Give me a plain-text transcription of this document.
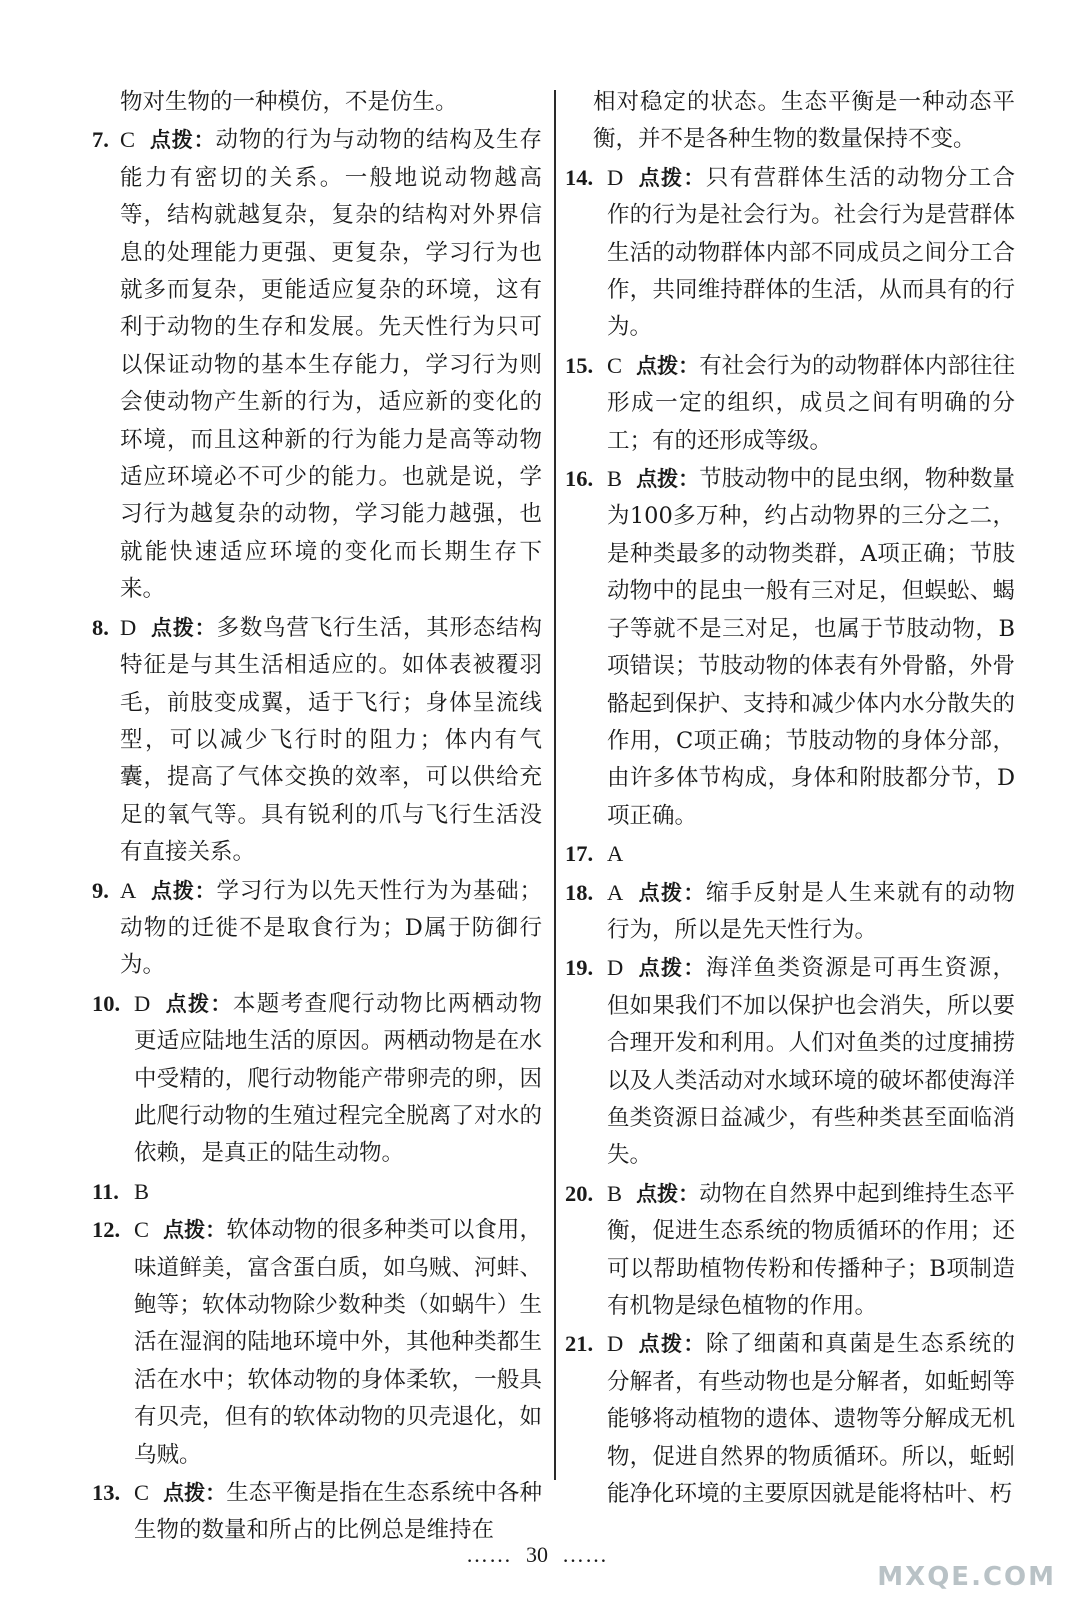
物对生物的一种模仿，不是仿生。

7. C 点拨：动物的行为与动物的结构及生存能力有密切的关系。一般地说动物越高等，结构就越复杂，复杂的结构对外界信息的处理能力更强、更复杂，学习行为也就多而复杂，更能适应复杂的环境，这有利于动物的生存和发展。先天性行为只可以保证动物的基本生存能力，学习行为则会使动物产生新的行为，适应新的变化的环境，而且这种新的行为能力是高等动物适应环境必不可少的能力。也就是说，学习行为越复杂的动物，学习能力越强，也就能快速适应环境的变化而长期生存下来。
8. D 点拨：多数鸟营飞行生活，其形态结构特征是与其生活相适应的。如体表被覆羽毛，前肢变成翼，适于飞行；身体呈流线型，可以减少飞行时的阻力；体内有气囊，提高了气体交换的效率，可以供给充足的氧气等。具有锐利的爪与飞行生活没有直接关系。
9. A 点拨：学习行为以先天性行为为基础；动物的迁徙不是取食行为；D属于防御行为。
10. D 点拨：本题考查爬行动物比两栖动物更适应陆地生活的原因。两栖动物是在水中受精的，爬行动物能产带卵壳的卵，因此爬行动物的生殖过程完全脱离了对水的依赖，是真正的陆生动物。
11. B
12. C 点拨：软体动物的很多种类可以食用，味道鲜美，富含蛋白质，如乌贼、河蚌、鲍等；软体动物除少数种类（如蜗牛）生活在湿润的陆地环境中外，其他种类都生活在水中；软体动物的身体柔软，一般具有贝壳，但有的软体动物的贝壳退化，如乌贼。
13. C 点拨：生态平衡是指在生态系统中各种生物的数量和所占的比例总是维持在

相对稳定的状态。生态平衡是一种动态平衡，并不是各种生物的数量保持不变。

14. D 点拨：只有营群体生活的动物分工合作的行为是社会行为。社会行为是营群体生活的动物群体内部不同成员之间分工合作，共同维持群体的生活，从而具有的行为。
15. C 点拨：有社会行为的动物群体内部往往形成一定的组织，成员之间有明确的分工；有的还形成等级。
16. B 点拨：节肢动物中的昆虫纲，物种数量为100多万种，约占动物界的三分之二，是种类最多的动物类群，A项正确；节肢动物中的昆虫一般有三对足，但蜈蚣、蝎子等就不是三对足，也属于节肢动物，B项错误；节肢动物的体表有外骨骼，外骨骼起到保护、支持和减少体内水分散失的作用，C项正确；节肢动物的身体分部，由许多体节构成，身体和附肢都分节，D项正确。
17. A
18. A 点拨：缩手反射是人生来就有的动物行为，所以是先天性行为。
19. D 点拨：海洋鱼类资源是可再生资源，但如果我们不加以保护也会消失，所以要合理开发和利用。人们对鱼类的过度捕捞以及人类活动对水域环境的破坏都使海洋鱼类资源日益减少，有些种类甚至面临消失。
20. B 点拨：动物在自然界中起到维持生态平衡，促进生态系统的物质循环的作用；还可以帮助植物传粉和传播种子；B项制造有机物是绿色植物的作用。
21. D 点拨：除了细菌和真菌是生态系统的分解者，有些动物也是分解者，如蚯蚓等能够将动植物的遗体、遗物等分解成无机物，促进自然界的物质循环。所以，蚯蚓能净化环境的主要原因就是能将枯叶、朽
…… 30 ……
MXQE.COM
